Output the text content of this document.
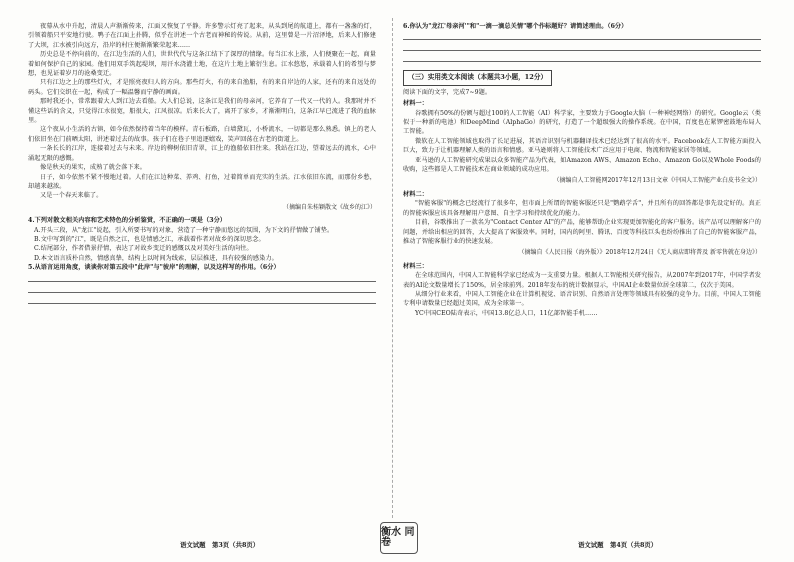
夜幕从水中升起，清晨人声渐渐传来，江面又恢复了平静。许多警示灯亮了起来，从头到尾的航道上，都有一盏盏的灯，引领着船只平安地行驶。鸭子在江面上扑腾，似乎在讲述一个古老而神秘的传说。从前，这里曾是一片沼泽地，后来人们修建了大坝，江水被引向远方，沿岸的村庄便渐渐繁荣起来……

历史总是不停向前的，在江边生活的人们，世世代代与这条江结下了深厚的情缘。每当江水上涨，人们便聚在一起，商量着如何保护自己的家园。他们用双手筑起堤坝，用汗水浇灌土地，在这片土地上繁衍生息。江水悠悠，承载着人们的希望与梦想，也见证着岁月的沧桑变迁。

只有江边之上的那些灯火，才是照亮夜归人的方向。那些灯火，有的来自渔船，有的来自岸边的人家，还有的来自远处的码头。它们交织在一起，构成了一幅温馨而宁静的画面。

那时我还小，常常跟着大人到江边去看船。大人们总说，这条江是我们的母亲河，它养育了一代又一代的人。我那时并不懂这些话的含义，只觉得江水很宽，船很大，江风很凉。后来长大了，离开了家乡，才渐渐明白，这条江早已流进了我的血脉里。

这个夜从小生活的古镇，如今依然保持着当年的模样。青石板路，白墙黛瓦，小桥流水，一切都是那么熟悉。镇上的老人们依旧坐在门前晒太阳，讲述着过去的故事。孩子们在巷子里追逐嬉戏，笑声回荡在古老的街道上。

一条长长的江岸，连接着过去与未来。岸边的柳树依旧青翠，江上的渔船依旧往来。我站在江边，望着远去的流水，心中涌起无限的感慨。

像是秋天的果实，成熟了就会落下来。

日子，如今依然不紧不慢地过着。人们在江边种菜、养鸡、打鱼，过着简单而充实的生活。江水依旧东流，而那份乡愁，却越来越浓。

又是一个春天来临了。

（摘编自朱桂颖散文《故乡的江》）

4.下列对散文相关内容和艺术特色的分析鉴赏，不正确的一项是（3分）

A.开头三段，从"龙江"说起，引入所要书写的对象，营造了一种宁静而悠远的氛围，为下文的抒情做了铺垫。

B.文中写到的"江"，既是自然之江，也是情感之江，承载着作者对故乡的深切思念。

C.结尾部分，作者借景抒情，表达了对故乡变迁的感慨以及对美好生活的向往。

D.本文语言质朴自然，情感真挚，结构上以时间为线索，层层推进，具有较强的感染力。

5.从语言运用角度，谈谈你对第五段中"此岸"与"彼岸"的理解，以及这样写的作用。（6分）

6.你认为"龙江'母亲河'"和"一滴一滴总关情"哪个作标题好？请简述理由。（6分）

（三）实用类文本阅读（本题共3小题，12分）

阅读下面的文字，完成7~9题。

材料一：

谷歌拥有50%的份额与超过100的人工智能（AI）科学家，主要致力于Google大脑（一种神经网络）的研究。Google云（类似于一种新的电池）和DeepMind（AlphaGo）的研究，打造了一个超级强大的操作系统。在中国，百度也在紧锣密鼓地布局人工智能。

微软在人工智能领域也取得了长足进展，其语音识别与机器翻译技术已经达到了很高的水平。Facebook在人工智能方面投入巨大，致力于让机器理解人类的语言和情感。亚马逊则将人工智能技术广泛应用于电商、物流和智能家居等领域。

亚马逊的人工智能研究成果以众多智能产品为代表，如Amazon AWS、Amazon Echo、Amazon Go以及Whole Foods的收购，这些都是人工智能技术在商业领域的成功应用。

（摘编自人工智能网2017年12月13日文章《中国人工智能产业白皮书全文》）

材料二：

"智能客服"的概念已经流行了很多年，但市面上所谓的智能客服还只是"鹦鹉学舌"，并且所有的回答都是事先设定好的。真正的智能客服应该具备理解用户意图、自主学习和持续优化的能力。

目前，谷歌推出了一款名为"Contact Center AI"的产品，能够帮助企业实现更加智能化的客户服务。该产品可以理解客户的问题，并给出相应的回答，大大提高了客服效率。同时，国内的阿里、腾讯、百度等科技巨头也纷纷推出了自己的智能客服产品，推动了智能客服行业的快速发展。

（摘编自《人民日报（海外版）》2018年12月24日《无人商店即将普及 新零售就在身边》）

材料三：

在全球范围内，中国人工智能科学家已经成为一支重要力量。根据人工智能相关研究报告，从2007年到2017年，中国学者发表的AI论文数量增长了150%，居全球前列。2018年发布的统计数据显示，中国AI企业数量位居全球第二，仅次于美国。

从细分行业来看，中国人工智能企业在计算机视觉、语音识别、自然语言处理等领域具有较强的竞争力。目前，中国人工智能专利申请数量已经超过美国，成为全球第一。

YC中国CEO陆奇表示，中国13.8亿总人口，11亿部智能手机……

语文试题　第3页（共8页）
衡水 同卷	语文试题　第4页（共8页）
